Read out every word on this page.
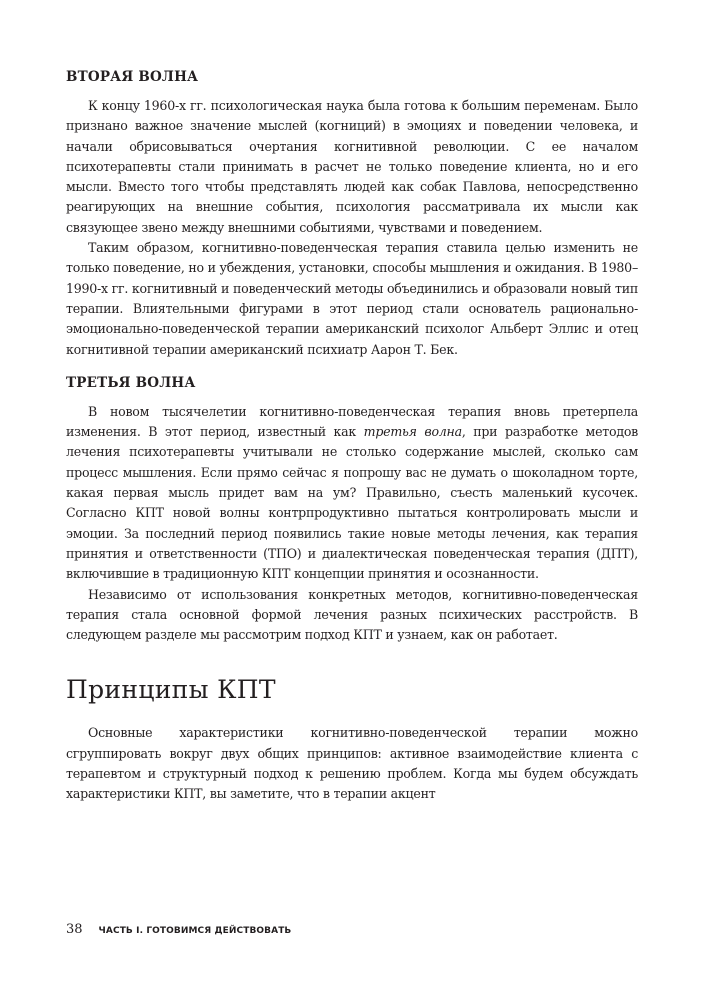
ВТОРАЯ ВОЛНА

К концу 1960-х гг. психологическая наука была готова к большим переменам. Было признано важное значение мыслей (когниций) в эмоциях и поведении человека, и начали обрисовываться очертания когнитивной революции. С ее началом психотерапевты стали принимать в расчет не только поведение клиента, но и его мысли. Вместо того чтобы представлять людей как собак Павлова, непосредственно реагирующих на внешние события, психология рассматривала их мысли как связующее звено между внешними событиями, чувствами и поведением.

Таким образом, когнитивно-поведенческая терапия ставила целью изменить не только поведение, но и убеждения, установки, способы мышления и ожидания. В 1980–1990-х гг. когнитивный и поведенческий методы объединились и образовали новый тип терапии. Влиятельными фигурами в этот период стали основатель рационально-эмоционально-поведенческой терапии американский психолог Альберт Эллис и отец когнитивной терапии американский психиатр Аарон Т. Бек.

ТРЕТЬЯ ВОЛНА

В новом тысячелетии когнитивно-поведенческая терапия вновь претерпела изменения. В этот период, известный как третья волна, при разработке методов лечения психотерапевты учитывали не столько содержание мыслей, сколько сам процесс мышления. Если прямо сейчас я попрошу вас не думать о шоколадном торте, какая первая мысль придет вам на ум? Правильно, съесть маленький кусочек. Согласно КПТ новой волны контрпродуктивно пытаться контролировать мысли и эмоции. За последний период появились такие новые методы лечения, как терапия принятия и ответственности (ТПО) и диалектическая поведенческая терапия (ДПТ), включившие в традиционную КПТ концепции принятия и осознанности.

Независимо от использования конкретных методов, когнитивно-поведенческая терапия стала основной формой лечения разных психических расстройств. В следующем разделе мы рассмотрим подход КПТ и узнаем, как он работает.

Принципы КПТ

Основные характеристики когнитивно-поведенческой терапии можно сгруппировать вокруг двух общих принципов: активное взаимодействие клиента с терапевтом и структурный подход к решению проблем. Когда мы будем обсуждать характеристики КПТ, вы заметите, что в терапии акцент

38 ЧАСТЬ I. ГОТОВИМСЯ ДЕЙСТВОВАТЬ
